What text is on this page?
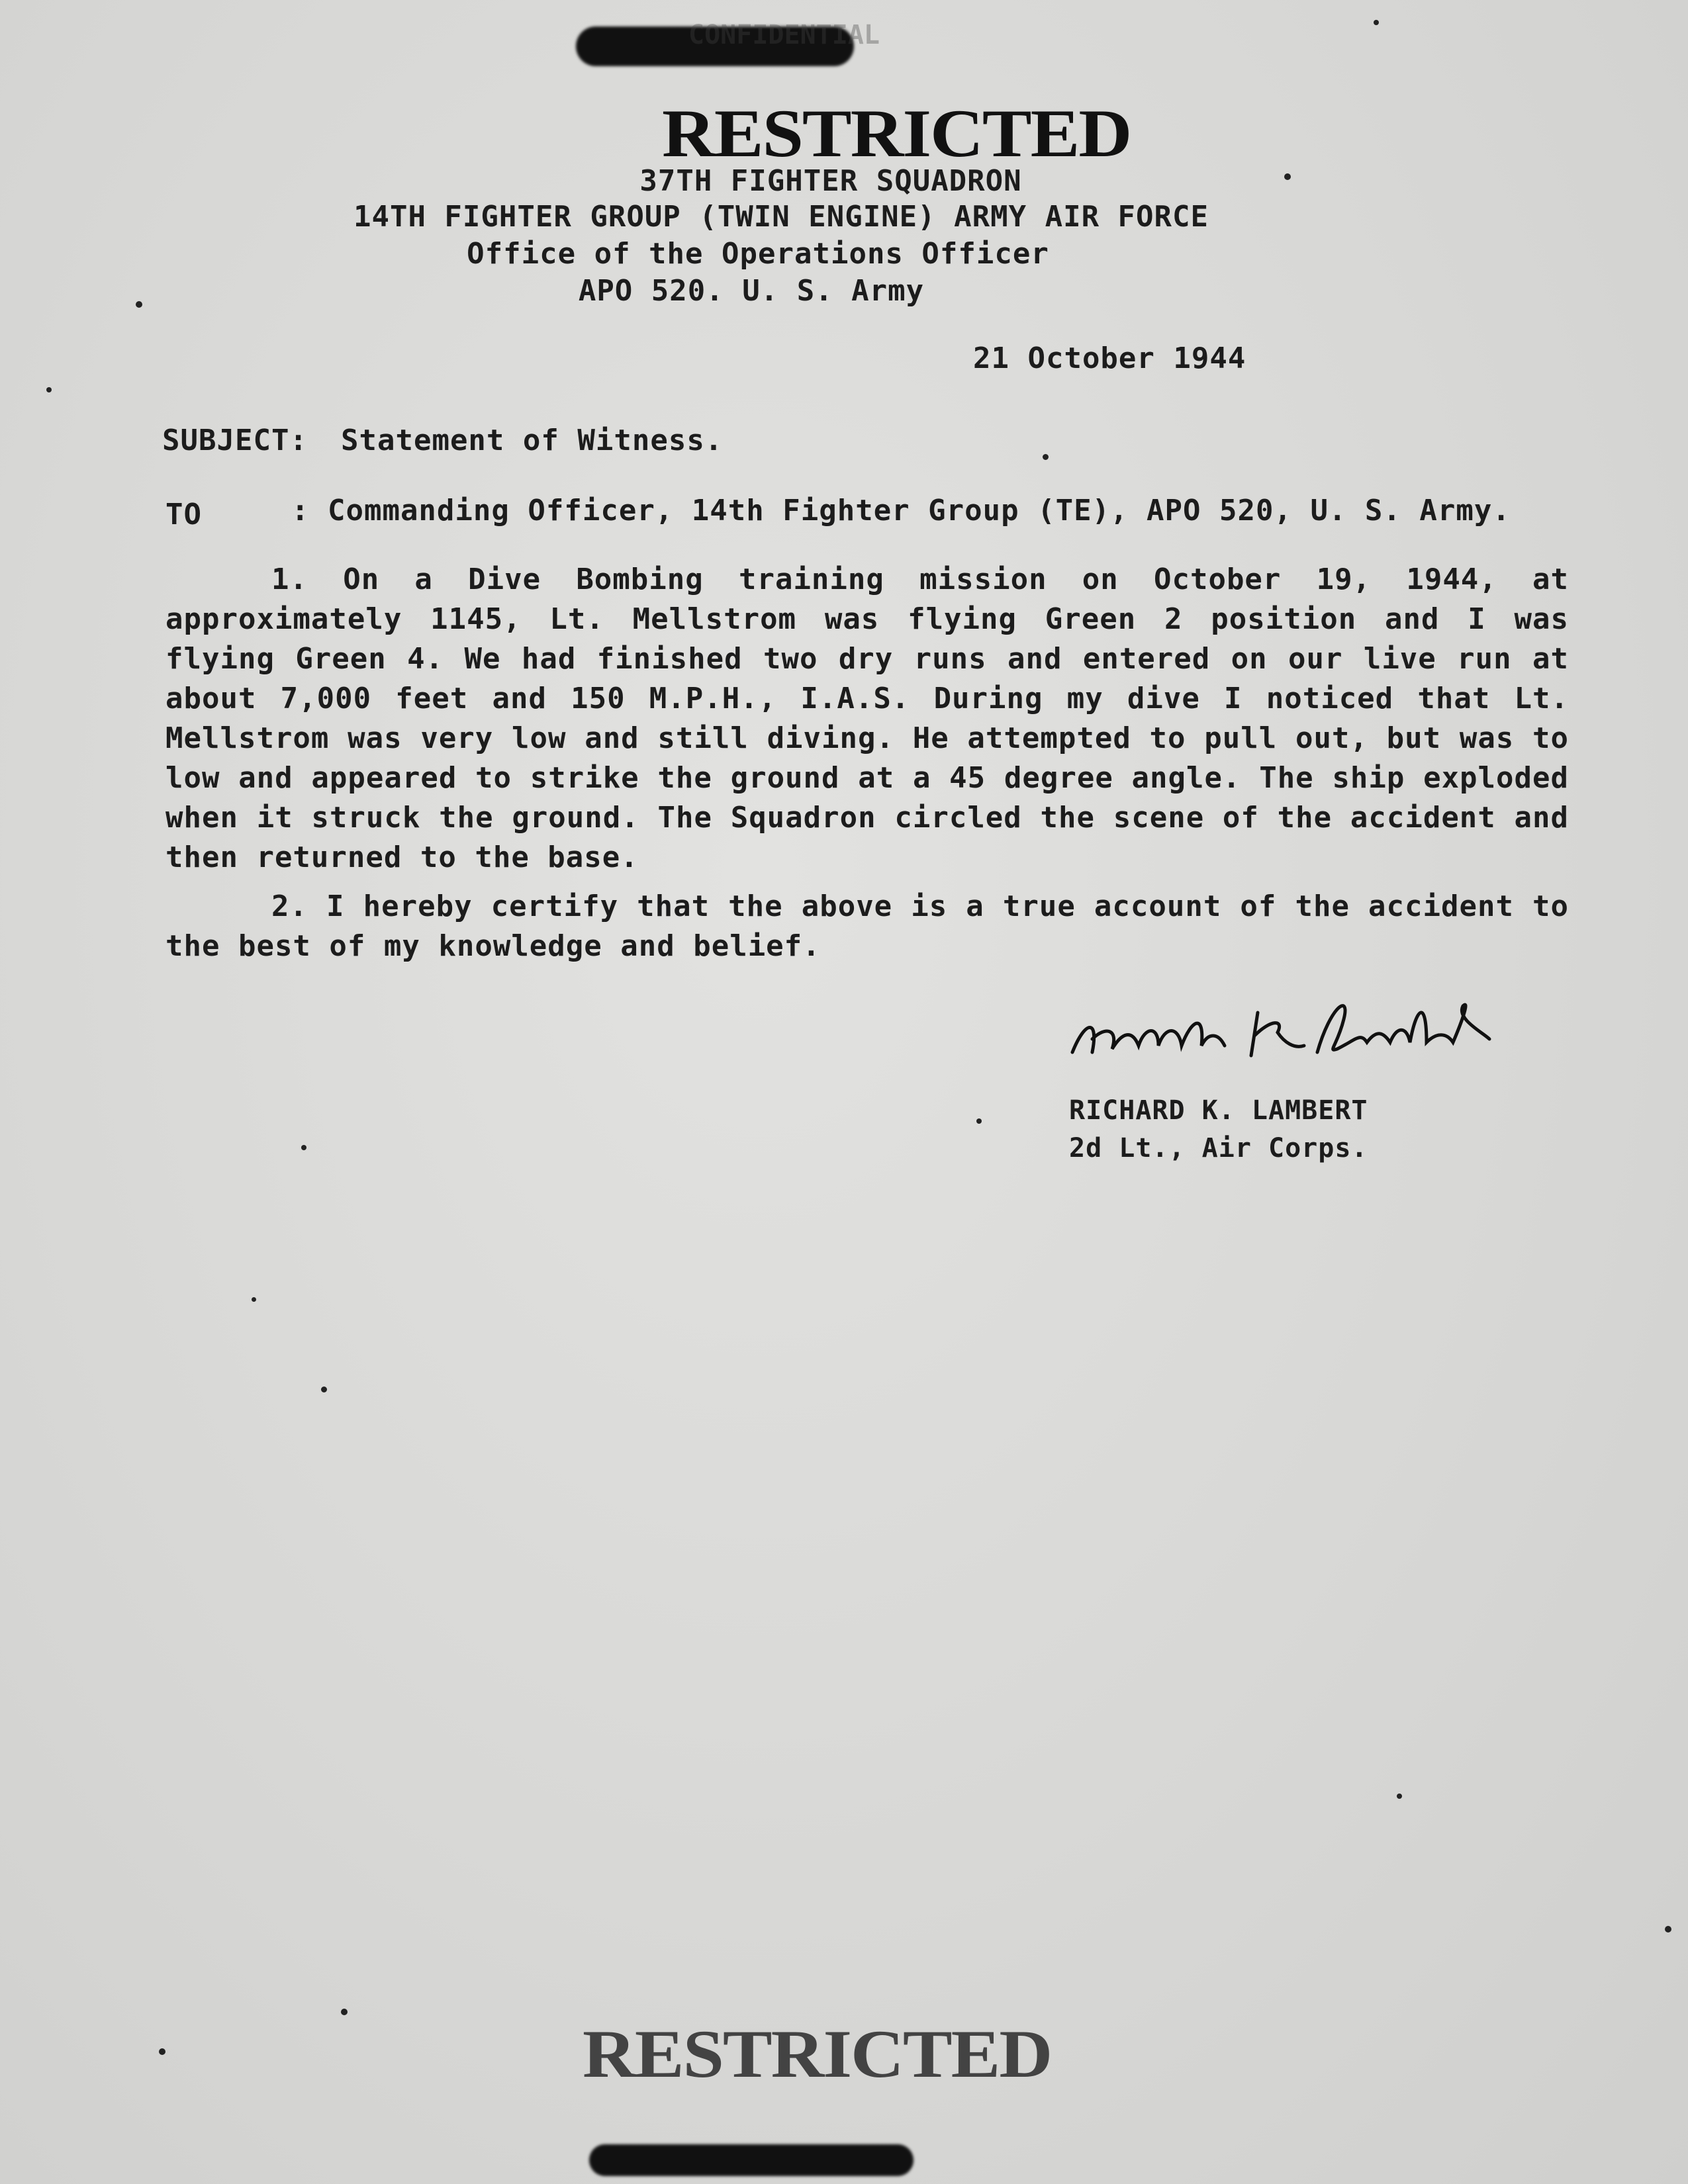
CONFIDENTIAL
RESTRICTED
37TH FIGHTER SQUADRON
14TH FIGHTER GROUP (TWIN ENGINE) ARMY AIR FORCE
Office of the Operations Officer
APO 520. U. S. Army
21 October 1944
SUBJECT: Statement of Witness.
TO	: Commanding Officer, 14th Fighter Group (TE), APO 520, U. S. Army.
1. On a Dive Bombing training mission on October 19, 1944, at approximately 1145, Lt. Mellstrom was flying Green 2 position and I was flying Green 4. We had finished two dry runs and entered on our live run at about 7,000 feet and 150 M.P.H., I.A.S. During my dive I noticed that Lt. Mellstrom was very low and still diving. He attempted to pull out, but was to low and appeared to strike the ground at a 45 degree angle. The ship exploded when it struck the ground. The Squadron circled the scene of the accident and then returned to the base.
2. I hereby certify that the above is a true account of the accident to the best of my knowledge and belief.
RICHARD K. LAMBERT
2d Lt., Air Corps.
RESTRICTED
